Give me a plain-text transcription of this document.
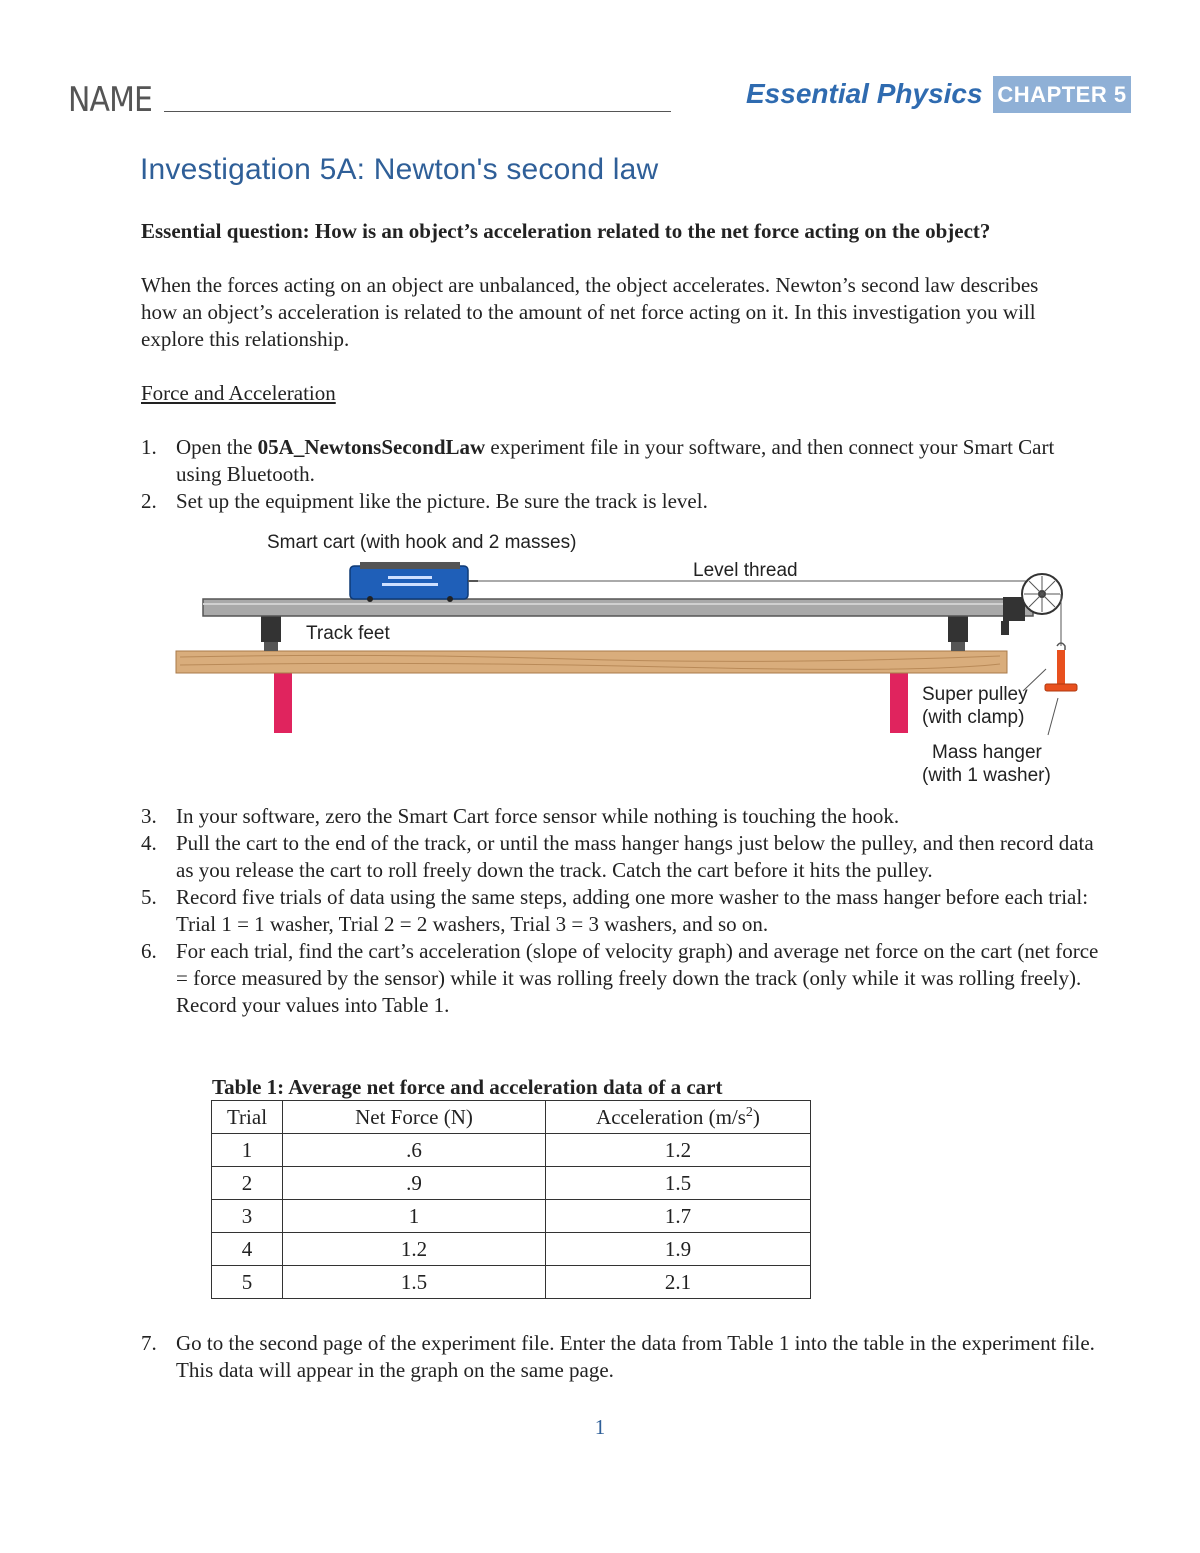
NAME	Essential Physics CHAPTER 5
Investigation 5A: Newton's second law
Essential question: How is an object’s acceleration related to the net force acting on the object?
When the forces acting on an object are unbalanced, the object accelerates. Newton’s second law describes how an object’s acceleration is related to the amount of net force acting on it. In this investigation you will explore this relationship.
Force and Acceleration
1. Open the 05A_NewtonsSecondLaw experiment file in your software, and then connect your Smart Cart using Bluetooth.
2. Set up the equipment like the picture. Be sure the track is level.
Smart cart (with hook and 2 masses)
Level thread
Track feet
Super pulley
(with clamp)
Mass hanger
(with 1 washer)
3. In your software, zero the Smart Cart force sensor while nothing is touching the hook.
4. Pull the cart to the end of the track, or until the mass hanger hangs just below the pulley, and then record data as you release the cart to roll freely down the track. Catch the cart before it hits the pulley.
5. Record five trials of data using the same steps, adding one more washer to the mass hanger before each trial: Trial 1 = 1 washer, Trial 2 = 2 washers, Trial 3 = 3 washers, and so on.
6. For each trial, find the cart’s acceleration (slope of velocity graph) and average net force on the cart (net force = force measured by the sensor) while it was rolling freely down the track (only while it was rolling freely). Record your values into Table 1.
Table 1: Average net force and acceleration data of a cart
Trial	Net Force (N)	Acceleration $(m/s^2)$
1	.6	1.2
2	.9	1.5
3	1	1.7
4	1.2	1.9
5	1.5	2.1
7. Go to the second page of the experiment file. Enter the data from Table 1 into the table in the experiment file. This data will appear in the graph on the same page.
1
